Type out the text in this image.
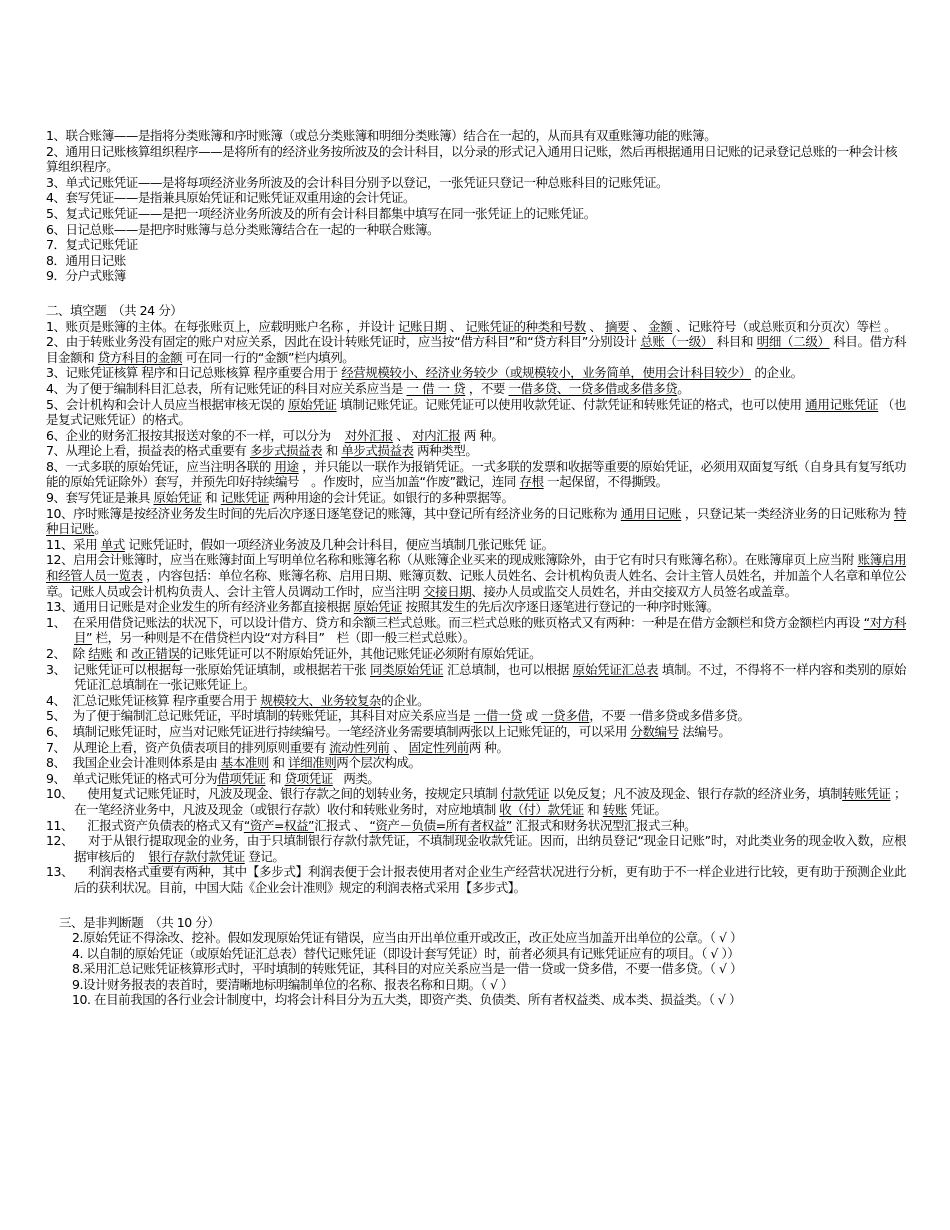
1、联合账簿——是指将分类账簿和序时账簿（或总分类账簿和明细分类账簿）结合在一起的，从而具有双重账簿功能的账簿。

2、通用日记账核算组织程序——是将所有的经济业务按所波及的会计科目，以分录的形式记入通用日记账，然后再根据通用日记账的记录登记总账的一种会计核算组织程序。

3、单式记账凭证——是将每项经济业务所波及的会计科目分别予以登记，一张凭证只登记一种总账科目的记账凭证。

4、套写凭证——是指兼具原始凭证和记账凭证双重用途的会计凭证。

5、复式记账凭证——是把一项经济业务所波及的所有会计科目都集中填写在同一张凭证上的记账凭证。

6、日记总账——是把序时账簿与总分类账簿结合在一起的一种联合账簿。

7．复式记账凭证

8．通用日记账

9．分户式账簿

二、填空题　（共 24 分）

1、账页是账簿的主体。在每张账页上，应载明账户名称 ，并设计 记账日期 、 记账凭证的种类和号数 、 摘要 、 金额 、记账符号（或总账页和分页次）等栏 。

2、由于转账业务没有固定的账户对应关系，因此在设计转账凭证时，应当按“借方科目”和“贷方科目”分别设计 总账（一级） 科目和 明细（二级） 科目。借方科目金额和 贷方科目的金额 可在同一行的“金额”栏内填列。

3、记账凭证核算 程序和日记总账核算 程序重要合用于 经营规模较小、经济业务较少（或规模较小，业务简单，使用会计科目较少） 的企业。

4、为了便于编制科目汇总表，所有记账凭证的科目对应关系应当是 一 借 一 贷 ，不要 一借多贷、一贷多借或多借多贷。

5、会计机构和会计人员应当根据审核无误的 原始凭证 填制记账凭证。记账凭证可以使用收款凭证、付款凭证和转账凭证的格式，也可以使用 通用记账凭证 （也是复式记账凭证）的格式。

6、企业的财务汇报按其报送对象的不一样，可以分为 对外汇报 、 对内汇报 两 种。

7、从理论上看，损益表的格式重要有 多步式损益表 和 单步式损益表 两种类型。

8、一式多联的原始凭证，应当注明各联的 用途 ，并只能以一联作为报销凭证。一式多联的发票和收据等重要的原始凭证，必须用双面复写纸（自身具有复写纸功能的原始凭证除外）套写，并预先印好持续编号　。作废时，应当加盖“作废”戳记，连同 存根 一起保留，不得撕毁。

9、套写凭证是兼具 原始凭证 和 记账凭证 两种用途的会计凭证。如银行的多种票据等。

10、序时账簿是按经济业务发生时间的先后次序逐日逐笔登记的账簿，其中登记所有经济业务的日记账称为 通用日记账 ，只登记某一类经济业务的日记账称为 特种日记账。

11、采用 单式 记账凭证时，假如一项经济业务波及几种会计科目，便应当填制几张记账凭 证。

12、启用会计账簿时，应当在账簿封面上写明单位名称和账簿名称（从账簿企业买来的现成账簿除外，由于它有时只有账簿名称）。在账簿扉页上应当附 账簿启用和经管人员一览表 ，内容包括：单位名称、账簿名称、启用日期、账簿页数、记账人员姓名、会计机构负责人姓名、会计主管人员姓名，并加盖个人名章和单位公章。记账人员或会计机构负责人、会计主管人员调动工作时，应当注明 交接日期、接办人员或监交人员姓名，并由交接双方人员签名或盖章。

13、通用日记账是对企业发生的所有经济业务都直接根据 原始凭证 按照其发生的先后次序逐日逐笔进行登记的一种序时账簿。

1、 在采用借贷记账法的状况下，可以设计借方、贷方和余额三栏式总账。而三栏式总账的账页格式又有两种：一种是在借方金额栏和贷方金额栏内再设 “对方科目” 栏，另一种则是不在借贷栏内设“对方科目”　栏（即一般三栏式总账）。

2、 除 结账 和 改正错误的记账凭证可以不附原始凭证外，其他记账凭证必须附有原始凭证。

3、 记账凭证可以根据每一张原始凭证填制，或根据若干张 同类原始凭证 汇总填制，也可以根据 原始凭证汇总表 填制。不过，不得将不一样内容和类别的原始凭证汇总填制在一张记账凭证上。

4、 汇总记账凭证核算 程序重要合用于 规模较大、业务较复杂的企业。

5、 为了便于编制汇总记账凭证，平时填制的转账凭证，其科目对应关系应当是 一借一贷 或 一贷多借，不要 一借多贷或多借多贷。

6、 填制记账凭证时，应当对记账凭证进行持续编号。一笔经济业务需要填制两张以上记账凭证的，可以采用 分数编号 法编号。

7、 从理论上看，资产负债表项目的排列原则重要有 流动性列前 、 固定性列前两 种。

8、 我国企业会计准则体系是由 基本准则 和 详细准则两个层次构成。

9、 单式记账凭证的格式可分为借项凭证 和 贷项凭证 两类。

10、 使用复式记账凭证时，凡波及现金、银行存款之间的划转业务，按规定只填制 付款凭证 以免反复；凡不波及现金、银行存款的经济业务，填制转账凭证 ；在一笔经济业务中，凡波及现金（或银行存款）收付和转账业务时，对应地填制 收（付）款凭证 和 转账 凭证。

11、 汇报式资产负债表的格式又有“资产=权益”汇报式 、 “资产－负债=所有者权益” 汇报式和财务状况型汇报式三种。

12、 对于从银行提取现金的业务，由于只填制银行存款付款凭证，不填制现金收款凭证。因而，出纳员登记“现金日记账”时，对此类业务的现金收入数，应根据审核后的 银行存款付款凭证 登记。

13、 利润表格式重要有两种，其中【多步式】利润表便于会计报表使用者对企业生产经营状况进行分析，更有助于不一样企业进行比较，更有助于预测企业此后的获利状况。目前，中国大陆《企业会计准则》规定的利润表格式采用【多步式】。

三、是非判断题　（共 10 分）

2.原始凭证不得涂改、挖补。假如发现原始凭证有错误，应当由开出单位重开或改正，改正处应当加盖开出单位的公章。（ √ ）

4. 以自制的原始凭证（或原始凭证汇总表）替代记账凭证（即设计套写凭证）时，前者必须具有记账凭证应有的项目。（ √ ））

8.采用汇总记账凭证核算形式时，平时填制的转账凭证，其科目的对应关系应当是一借一贷或一贷多借，不要一借多贷。（ √ ）

9.设计财务报表的表首时，要清晰地标明编制单位的名称、报表名称和日期。（ √ ）

10. 在目前我国的各行业会计制度中，均将会计科目分为五大类，即资产类、负债类、所有者权益类、成本类、损益类。（ √ ）
